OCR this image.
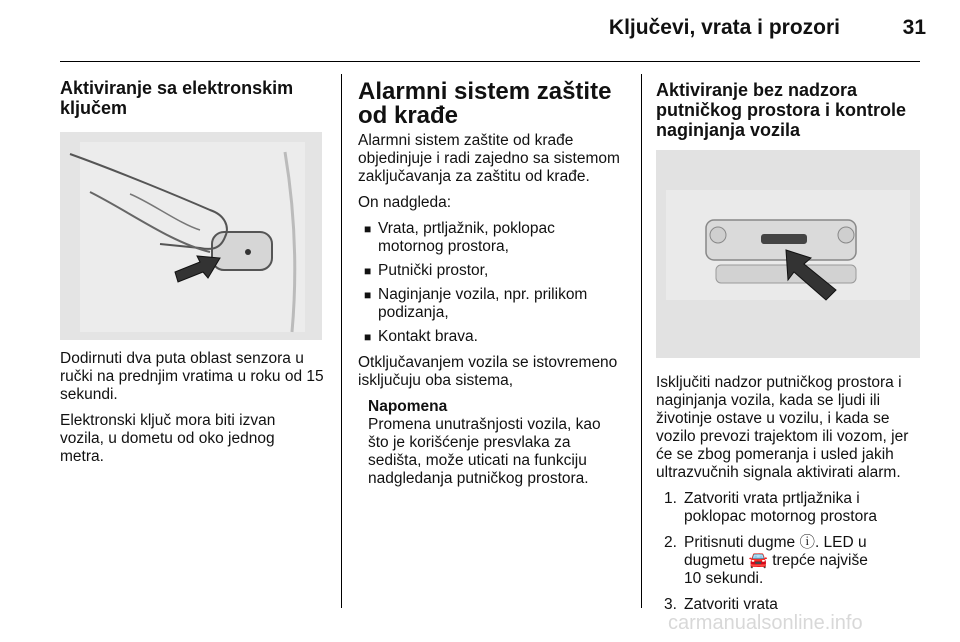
Ključevi, vrata i prozori	31
Aktiviranje sa elektronskim ključem

Dodirnuti dva puta oblast senzora u ručki na prednjim vratima u roku od 15 sekundi.

Elektronski ključ mora biti izvan vozila, u dometu od oko jednog metra.

Alarmni sistem zaštite od krađe

Alarmni sistem zaštite od krađe objedinjuje i radi zajedno sa sistemom zaključavanja za zaštitu od krađe.

On nadgleda:

■ Vrata, prtljažnik, poklopac motornog prostora,
■ Putnički prostor,
■ Naginjanje vozila, npr. prilikom podizanja,
■ Kontakt brava.

Otključavanjem vozila se istovremeno isključuju oba sistema,

Napomena
Promena unutrašnjosti vozila, kao što je korišćenje presvlaka za sedišta, može uticati na funkciju nadgledanja putničkog prostora.
Aktiviranje bez nadzora putničkog prostora i kontrole naginjanja vozila

Isključiti nadzor putničkog prostora i naginjanja vozila, kada se ljudi ili životinje ostave u vozilu, i kada se vozilo prevozi trajektom ili vozom, jer će se zbog pomeranja i usled jakih ultrazvučnih signala aktivirati alarm.

1. Zatvoriti vrata prtljažnika i poklopac motornog prostora
2. Pritisnuti dugme ⓘ. LED u dugmetu 🚘 trepće najviše 10 sekundi.
3. Zatvoriti vrata
carmanualsonline.info
